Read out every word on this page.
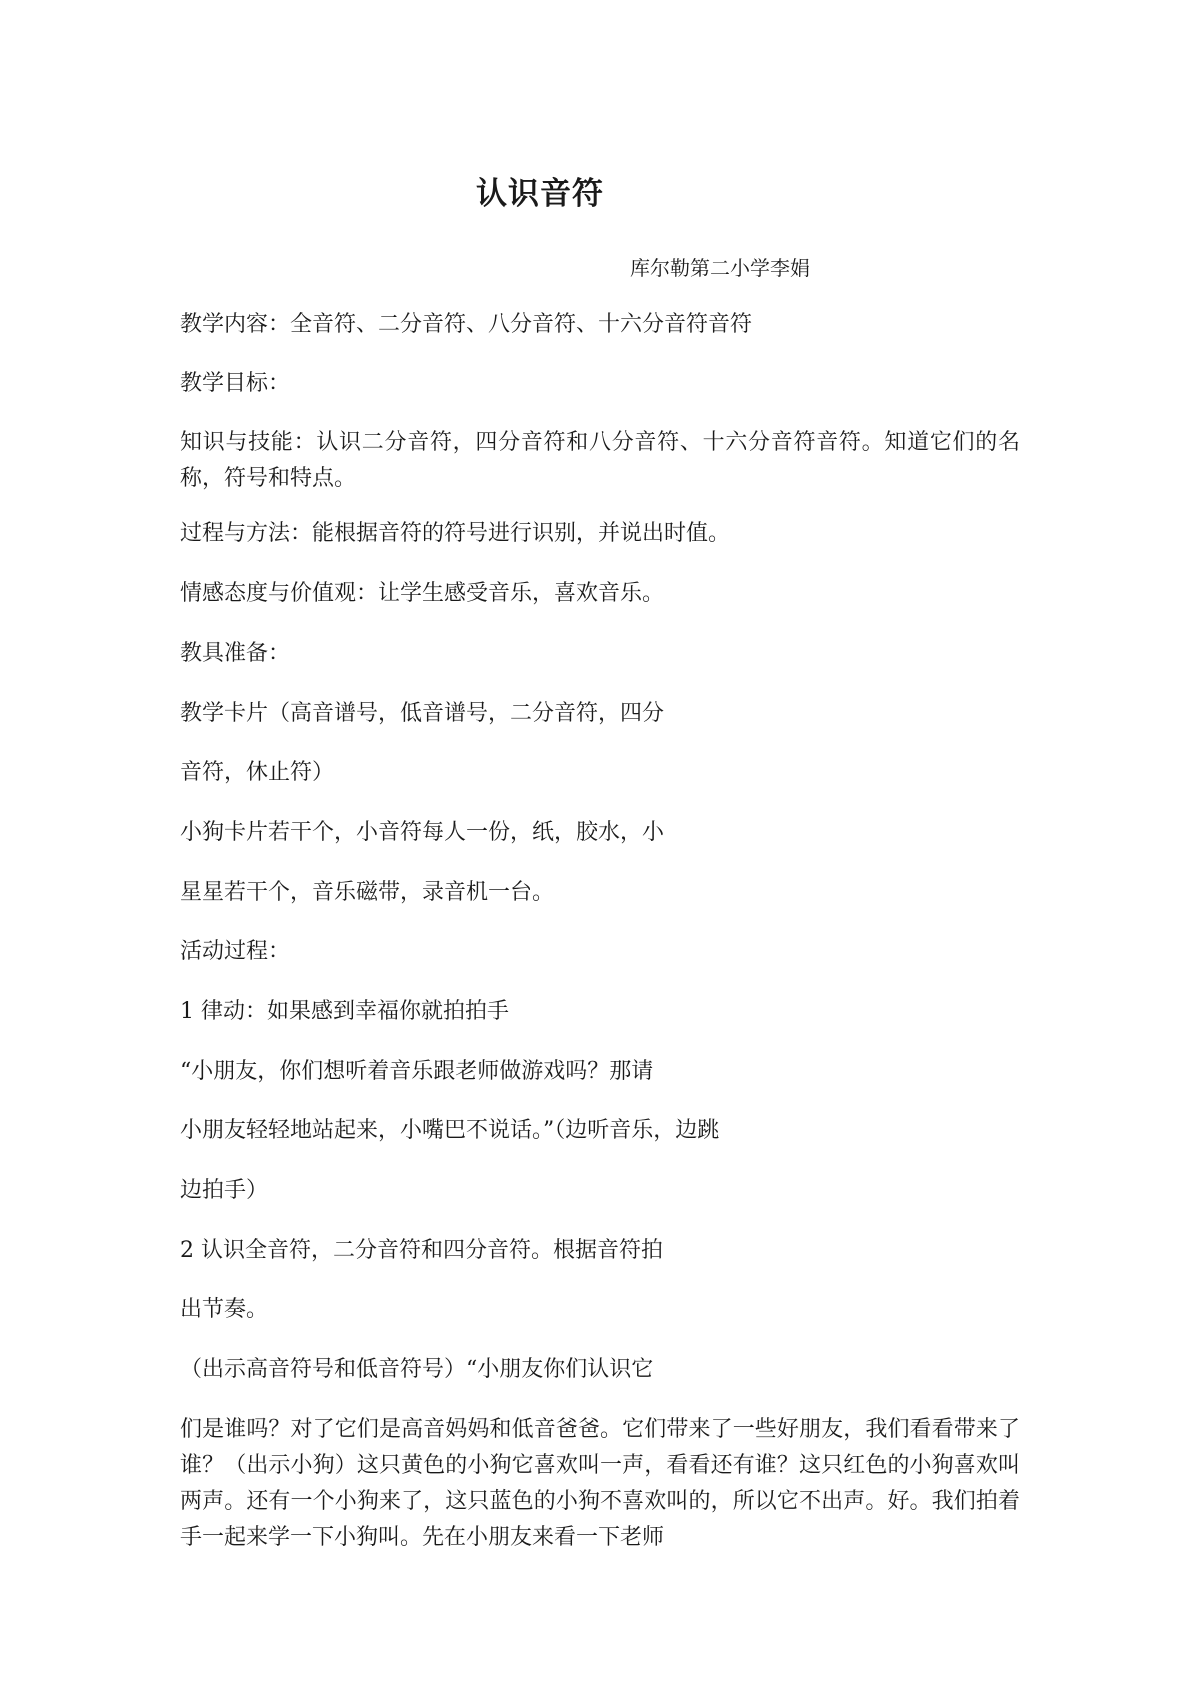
认识音符
库尔勒第二小学李娟
教学内容：全音符、二分音符、八分音符、十六分音符音符
教学目标：
知识与技能：认识二分音符，四分音符和八分音符、十六分音符音符。知道它们的名称，符号和特点。
过程与方法：能根据音符的符号进行识别，并说出时值。
情感态度与价值观：让学生感受音乐，喜欢音乐。
教具准备：
教学卡片（高音谱号，低音谱号，二分音符，四分
音符，休止符）
小狗卡片若干个，小音符每人一份，纸，胶水，小
星星若干个，音乐磁带，录音机一台。
活动过程：
1 律动：如果感到幸福你就拍拍手
“小朋友，你们想听着音乐跟老师做游戏吗？那请
小朋友轻轻地站起来，小嘴巴不说话。”（边听音乐，边跳
边拍手）
2 认识全音符，二分音符和四分音符。根据音符拍
出节奏。
（出示高音符号和低音符号）“小朋友你们认识它
们是谁吗？对了它们是高音妈妈和低音爸爸。它们带来了一些好朋友，我们看看带来了谁？（出示小狗）这只黄色的小狗它喜欢叫一声，看看还有谁？这只红色的小狗喜欢叫两声。还有一个小狗来了，这只蓝色的小狗不喜欢叫的，所以它不出声。好。我们拍着手一起来学一下小狗叫。先在小朋友来看一下老师
